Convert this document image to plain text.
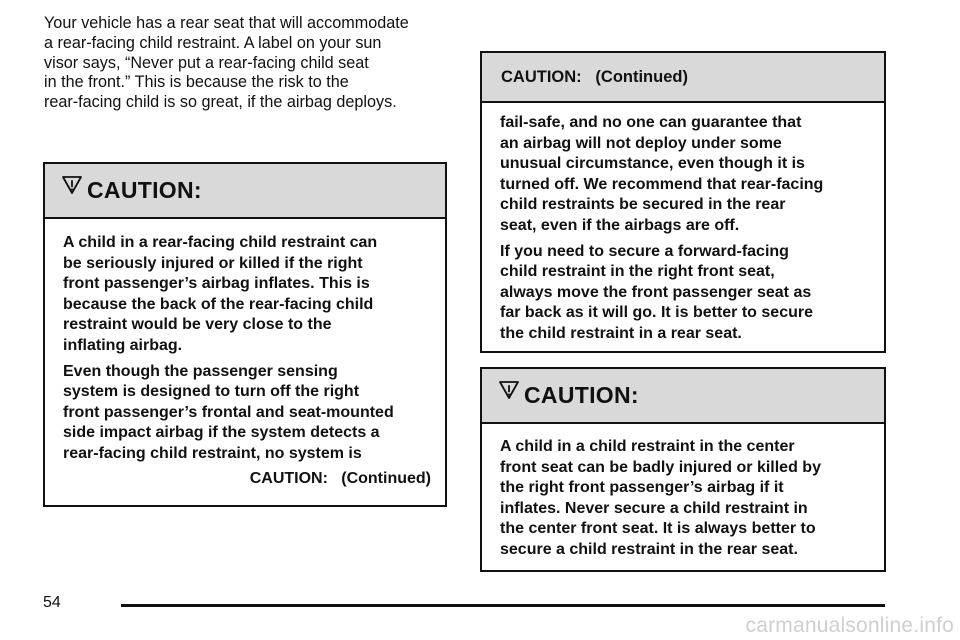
Your vehicle has a rear seat that will accommodate
a rear-facing child restraint. A label on your sun
visor says, “Never put a rear-facing child seat
in the front.” This is because the risk to the
rear-facing child is so great, if the airbag deploys.
CAUTION:

A child in a rear-facing child restraint can
be seriously injured or killed if the right
front passenger’s airbag inflates. This is
because the back of the rear-facing child
restraint would be very close to the
inflating airbag.

Even though the passenger sensing
system is designed to turn off the right
front passenger’s frontal and seat-mounted
side impact airbag if the system detects a
rear-facing child restraint, no system is

CAUTION:   (Continued)

CAUTION:   (Continued)

fail-safe, and no one can guarantee that
an airbag will not deploy under some
unusual circumstance, even though it is
turned off. We recommend that rear-facing
child restraints be secured in the rear
seat, even if the airbags are off.

If you need to secure a forward-facing
child restraint in the right front seat,
always move the front passenger seat as
far back as it will go. It is better to secure
the child restraint in a rear seat.

CAUTION:

A child in a child restraint in the center
front seat can be badly injured or killed by
the right front passenger’s airbag if it
inflates. Never secure a child restraint in
the center front seat. It is always better to
secure a child restraint in the rear seat.

54
carmanualsonline.info
